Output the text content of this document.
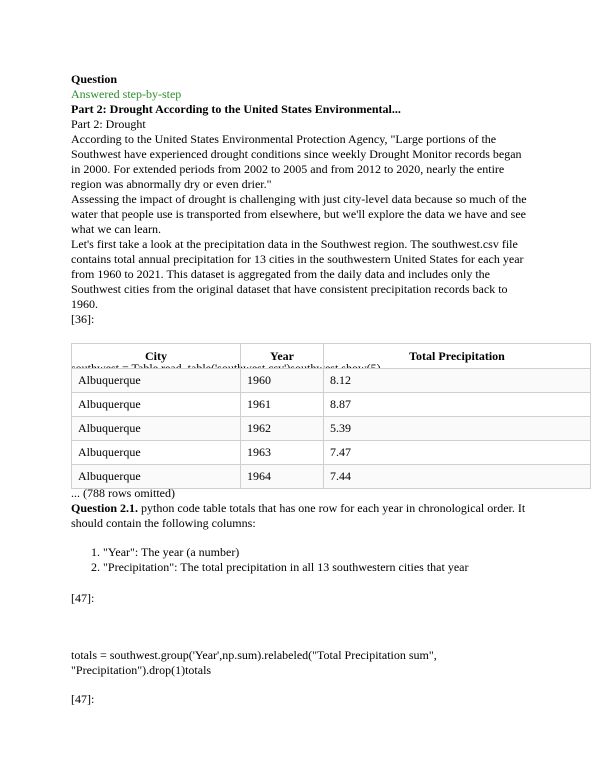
Question

Answered step-by-step

Part 2: Drought According to the United States Environmental...

Part 2: Drought

According to the United States Environmental Protection Agency, "Large portions of the Southwest have experienced drought conditions since weekly Drought Monitor records began in 2000. For extended periods from 2002 to 2005 and from 2012 to 2020, nearly the entire region was abnormally dry or even drier."

Assessing the impact of drought is challenging with just city-level data because so much of the water that people use is transported from elsewhere, but we'll explore the data we have and see what we can learn.

Let's first take a look at the precipitation data in the Southwest region. The southwest.csv file contains total annual precipitation for 13 cities in the southwestern United States for each year from 1960 to 2021. This dataset is aggregated from the daily data and includes only the Southwest cities from the original dataset that have consistent precipitation records back to 1960.

[36]:

City	Year	Total Precipitation
Albuquerque	1960	8.12
Albuquerque	1961	8.87
Albuquerque	1962	5.39
Albuquerque	1963	7.47
Albuquerque	1964	7.44

... (788 rows omitted)

Question 2.1. python code table totals that has one row for each year in chronological order. It should contain the following columns:

1. "Year": The year (a number)
2. "Precipitation": The total precipitation in all 13 southwestern cities that year

[47]:

totals = southwest.group('Year',np.sum).relabeled("Total Precipitation sum", "Precipitation").drop(1)totals

[47]:
